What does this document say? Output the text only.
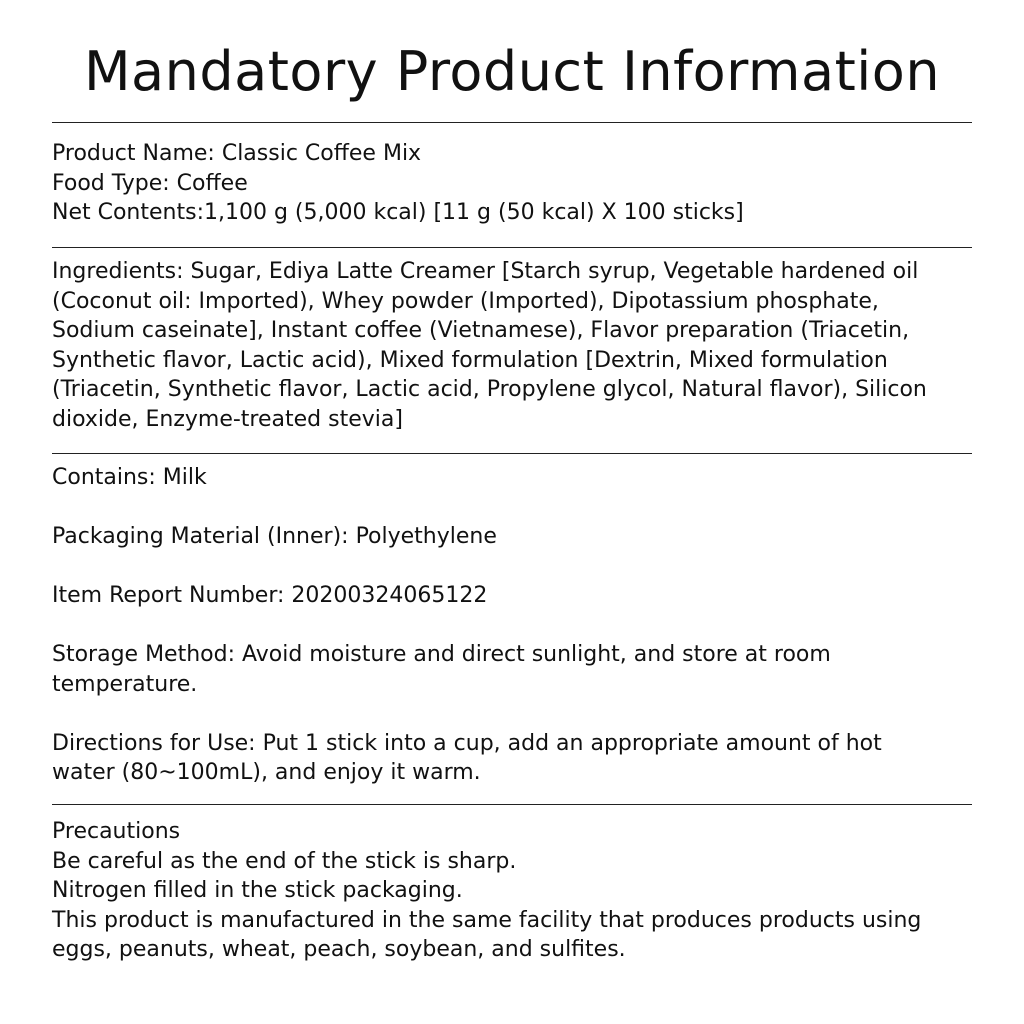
Mandatory Product Information
Product Name: Classic Coffee Mix
Food Type: Coffee
Net Contents:1,100 g (5,000 kcal) [11 g (50 kcal) X 100 sticks]
Ingredients: Sugar, Ediya Latte Creamer [Starch syrup, Vegetable hardened oil
(Coconut oil: Imported), Whey powder (Imported), Dipotassium phosphate,
Sodium caseinate], Instant coffee (Vietnamese), Flavor preparation (Triacetin,
Synthetic flavor, Lactic acid), Mixed formulation [Dextrin, Mixed formulation
(Triacetin, Synthetic flavor, Lactic acid, Propylene glycol, Natural flavor), Silicon
dioxide, Enzyme-treated stevia]
Contains: Milk
Packaging Material (Inner): Polyethylene
Item Report Number: 20200324065122
Storage Method: Avoid moisture and direct sunlight, and store at room
temperature.
Directions for Use: Put 1 stick into a cup, add an appropriate amount of hot
water (80~100mL), and enjoy it warm.
Precautions
Be careful as the end of the stick is sharp.
Nitrogen filled in the stick packaging.
This product is manufactured in the same facility that produces products using
eggs, peanuts, wheat, peach, soybean, and sulfites.
